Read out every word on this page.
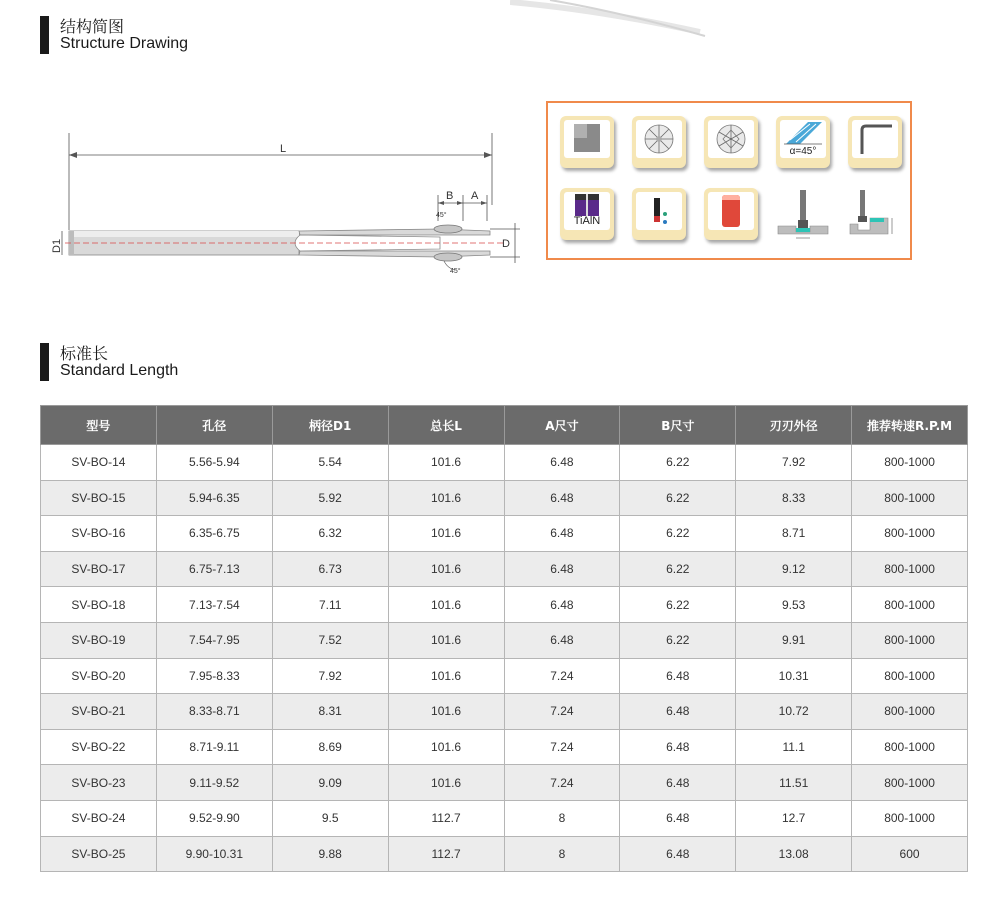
结构简图
Structure Drawing
L
B A
45°
45°
D
D1
α=45°
TiAlN
标准长
Standard Length
型号	孔径	柄径D1	总长L	A尺寸	B尺寸	刃刃外径	推荐转速R.P.M
SV-BO-14	5.56-5.94	5.54	101.6	6.48	6.22	7.92	800-1000
SV-BO-15	5.94-6.35	5.92	101.6	6.48	6.22	8.33	800-1000
SV-BO-16	6.35-6.75	6.32	101.6	6.48	6.22	8.71	800-1000
SV-BO-17	6.75-7.13	6.73	101.6	6.48	6.22	9.12	800-1000
SV-BO-18	7.13-7.54	7.11	101.6	6.48	6.22	9.53	800-1000
SV-BO-19	7.54-7.95	7.52	101.6	6.48	6.22	9.91	800-1000
SV-BO-20	7.95-8.33	7.92	101.6	7.24	6.48	10.31	800-1000
SV-BO-21	8.33-8.71	8.31	101.6	7.24	6.48	10.72	800-1000
SV-BO-22	8.71-9.11	8.69	101.6	7.24	6.48	11.1	800-1000
SV-BO-23	9.11-9.52	9.09	101.6	7.24	6.48	11.51	800-1000
SV-BO-24	9.52-9.90	9.5	112.7	8	6.48	12.7	800-1000
SV-BO-25	9.90-10.31	9.88	112.7	8	6.48	13.08	600
